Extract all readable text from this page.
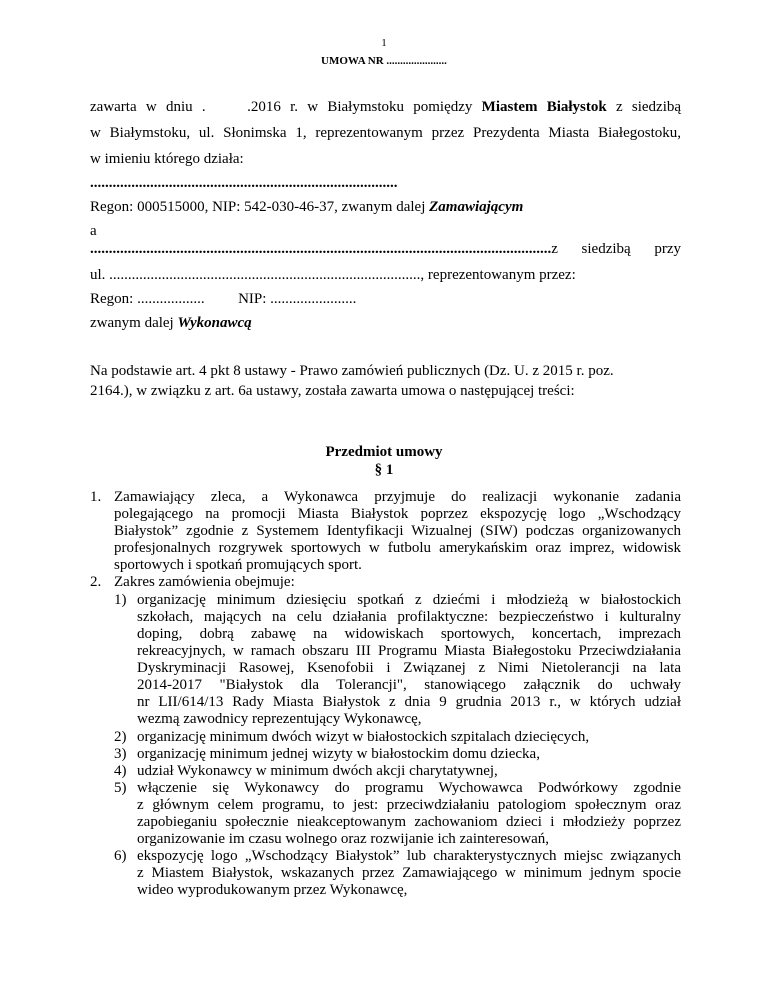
1
UMOWA NR ......................
zawarta w dniu .	.2016 r. w Białymstoku pomiędzy Miastem Białystok z siedzibą
w Białymstoku, ul. Słonimska 1, reprezentowanym przez Prezydenta Miasta Białegostoku,
w imieniu którego działa:
..................................................................................
Regon: 000515000, NIP: 542-030-46-37, zwanym dalej Zamawiającym
a
...........................................................................................................................z siedzibą przy
ul. ..................................................................................., reprezentowanym przez:
Regon: .................. NIP: .......................
zwanym dalej Wykonawcą
Na podstawie art. 4 pkt 8 ustawy - Prawo zamówień publicznych (Dz. U. z 2015 r. poz.
2164.), w związku z art. 6a ustawy, została zawarta umowa o następującej treści:
Przedmiot umowy
§ 1
1. Zamawiający zleca, a Wykonawca przyjmuje do realizacji wykonanie zadania
polegającego na promocji Miasta Białystok poprzez ekspozycję logo „Wschodzący
Białystok” zgodnie z Systemem Identyfikacji Wizualnej (SIW) podczas organizowanych
profesjonalnych rozgrywek sportowych w futbolu amerykańskim oraz imprez, widowisk
sportowych i spotkań promujących sport.
2. Zakres zamówienia obejmuje:
1) organizację minimum dziesięciu spotkań z dziećmi i młodzieżą w białostockich
szkołach, mających na celu działania profilaktyczne: bezpieczeństwo i kulturalny
doping, dobrą zabawę na widowiskach sportowych, koncertach, imprezach
rekreacyjnych, w ramach obszaru III Programu Miasta Białegostoku Przeciwdziałania
Dyskryminacji Rasowej, Ksenofobii i Związanej z Nimi Nietolerancji na lata
2014-2017 "Białystok dla Tolerancji", stanowiącego załącznik do uchwały
nr LII/614/13 Rady Miasta Białystok z dnia 9 grudnia 2013 r., w których udział
wezmą zawodnicy reprezentujący Wykonawcę,
2) organizację minimum dwóch wizyt w białostockich szpitalach dziecięcych,
3) organizację minimum jednej wizyty w białostockim domu dziecka,
4) udział Wykonawcy w minimum dwóch akcji charytatywnej,
5) włączenie się Wykonawcy do programu Wychowawca Podwórkowy zgodnie
z głównym celem programu, to jest: przeciwdziałaniu patologiom społecznym oraz
zapobieganiu społecznie nieakceptowanym zachowaniom dzieci i młodzieży poprzez
organizowanie im czasu wolnego oraz rozwijanie ich zainteresowań,
6) ekspozycję logo „Wschodzący Białystok” lub charakterystycznych miejsc związanych
z Miastem Białystok, wskazanych przez Zamawiającego w minimum jednym spocie
wideo wyprodukowanym przez Wykonawcę,
